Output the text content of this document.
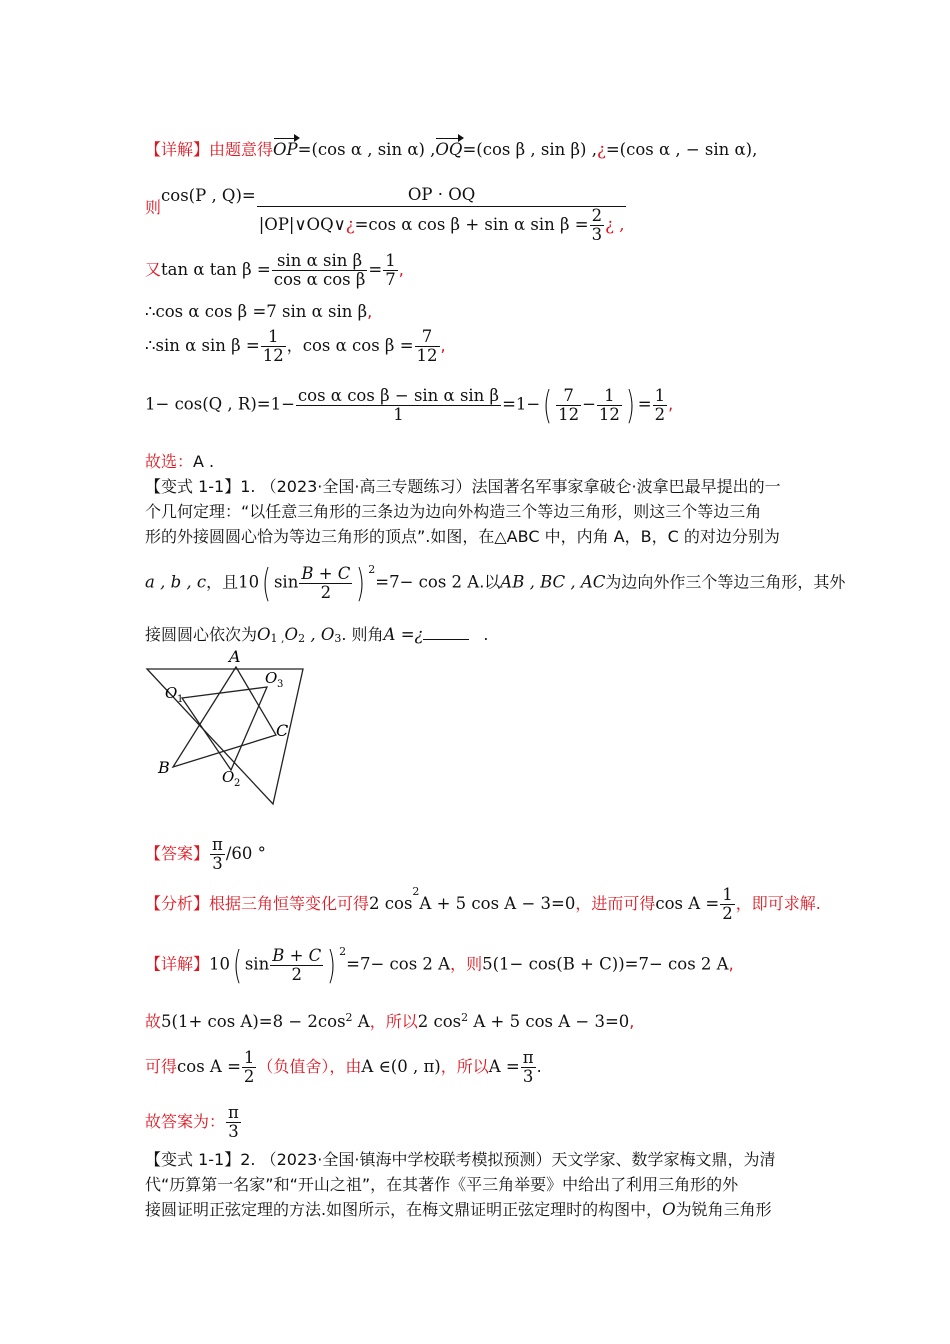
【详解】由题意得OP=(cos α , sin α) ,OQ=(cos β , sin β) ,¿=(cos α , − sin α),
则cos(P , $Q)= \frac{OP \cdot OQ}{|OP|\vee OQ\vee¿=\cos \alpha \cos \beta + \sin \alpha \sin \beta = \frac{2}{3} ¿ ,}$
又tan α $\tan \beta = \frac{\text{sin α sin β}}{\text{cos α cos β}} = \frac{1}{7}$ ,
∴cos α cos β =7 sin α sin β,
∴sin α $\sin \beta = \frac{1}{12}$ ，cos α $\cos \beta = \frac{7}{12}$ ,
1− cos(Q , $R)=1- \frac{\text{cos α cos β − sin α sin β}}{1} =1-( \frac{7}{12} - \frac{1}{12}$ ) = $\frac{1}{2}$ ,
故选：A .
【变式 1-1】1. （2023·全国·高三专题练习）法国著名军事家拿破仑·波拿巴最早提出的一
个几何定理：“以任意三角形的三条边为边向外构造三个等边三角形，则这三个等边三角
形的外接圆圆心恰为等边三角形的顶点”.如图，在△ABC 中，内角 A，B，C 的对边分别为
a , b , c，且10( $\sin \frac{B + C}{2}$ ) $^2$=7− cos 2 A.以AB , BC , AC为边向外作三个等边三角形，其外
接圆圆心依次为$O_{1 ,}O_2$ , $O_3$. 则角A =¿	.
A
B
C
O 1
O 3
O 2
【答案】 $\frac{\pi}{3} /60$ °
【分析】根据三角恒等变化可得2 $\cos^2A + 5$ cos A − 3=0，进而可得$\cos A = \frac{1}{2}$ ，即可求解.
【详解】10( $\sin \frac{B + C}{2}$ ) $^2$=7− cos 2 A，则5(1− cos(B + C))=7− cos 2 A,
故$5(1+ \cos A)=8 - 2\cos^2$ A，所以2 $\cos^2 A + 5$ cos A − 3=0,
可得$\cos A = \frac{1}{2}$ （负值舍），由A ∈(0 , π)，所以$A = \frac{\pi}{3}$ .
故答案为： $\frac{\pi}{3}$
【变式 1-1】2. （2023·全国·镇海中学校联考模拟预测）天文学家、数学家梅文鼎，为清
代“历算第一名家”和“开山之祖”，在其著作《平三角举要》中给出了利用三角形的外
接圆证明正弦定理的方法.如图所示，在梅文鼎证明正弦定理时的构图中，O为锐角三角形
